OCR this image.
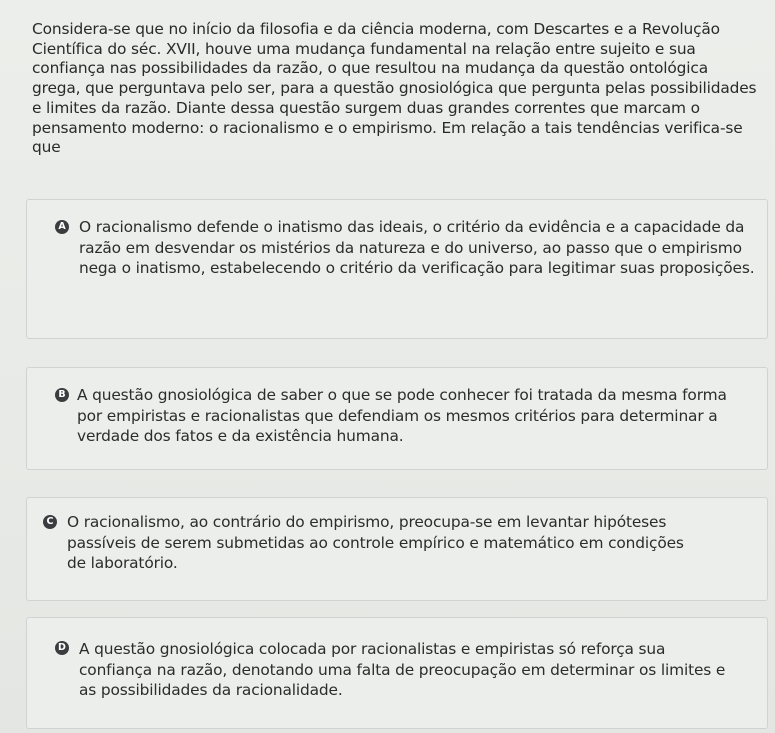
Considera-se que no início da filosofia e da ciência moderna, com Descartes e a Revolução Científica do séc. XVII, houve uma mudança fundamental na relação entre sujeito e sua confiança nas possibilidades da razão, o que resultou na mudança da questão ontológica grega, que perguntava pelo ser, para a questão gnosiológica que pergunta pelas possibilidades e limites da razão. Diante dessa questão surgem duas grandes correntes que marcam o pensamento moderno: o racionalismo e o empirismo. Em relação a tais tendências verifica-se que
A O racionalismo defende o inatismo das ideais, o critério da evidência e a capacidade da razão em desvendar os mistérios da natureza e do universo, ao passo que o empirismo nega o inatismo, estabelecendo o critério da verificação para legitimar suas proposições.
B A questão gnosiológica de saber o que se pode conhecer foi tratada da mesma forma por empiristas e racionalistas que defendiam os mesmos critérios para determinar a verdade dos fatos e da existência humana.
C O racionalismo, ao contrário do empirismo, preocupa-se em levantar hipóteses passíveis de serem submetidas ao controle empírico e matemático em condições de laboratório.
D A questão gnosiológica colocada por racionalistas e empiristas só reforça sua confiança na razão, denotando uma falta de preocupação em determinar os limites e as possibilidades da racionalidade.
